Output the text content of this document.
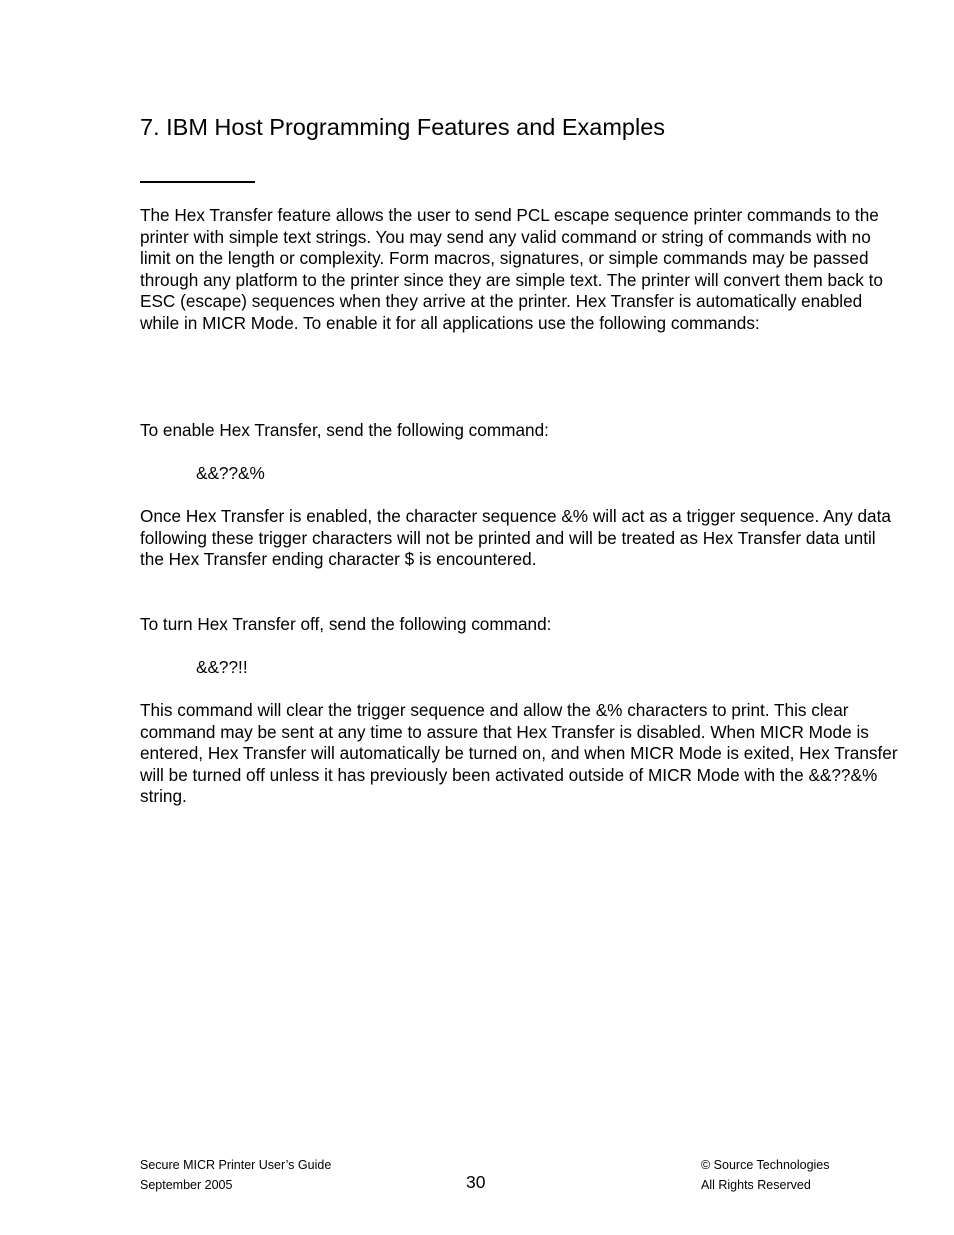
7. IBM Host Programming Features and Examples

The Hex Transfer feature allows the user to send PCL escape sequence printer commands to the printer with simple text strings. You may send any valid command or string of commands with no limit on the length or complexity. Form macros, signatures, or simple commands may be passed through any platform to the printer since they are simple text. The printer will convert them back to ESC (escape) sequences when they arrive at the printer. Hex Transfer is automatically enabled while in MICR Mode. To enable it for all applications use the following commands:

To enable Hex Transfer, send the following command:

&&??&%

Once Hex Transfer is enabled, the character sequence &% will act as a trigger sequence. Any data following these trigger characters will not be printed and will be treated as Hex Transfer data until the Hex Transfer ending character $ is encountered.

To turn Hex Transfer off, send the following command:

&&??!!

This command will clear the trigger sequence and allow the &% characters to print. This clear command may be sent at any time to assure that Hex Transfer is disabled. When MICR Mode is entered, Hex Transfer will automatically be turned on, and when MICR Mode is exited, Hex Transfer will be turned off unless it has previously been activated outside of MICR Mode with the &&??&% string.

Secure MICR Printer User’s Guide
September 2005	30
© Source Technologies
All Rights Reserved
